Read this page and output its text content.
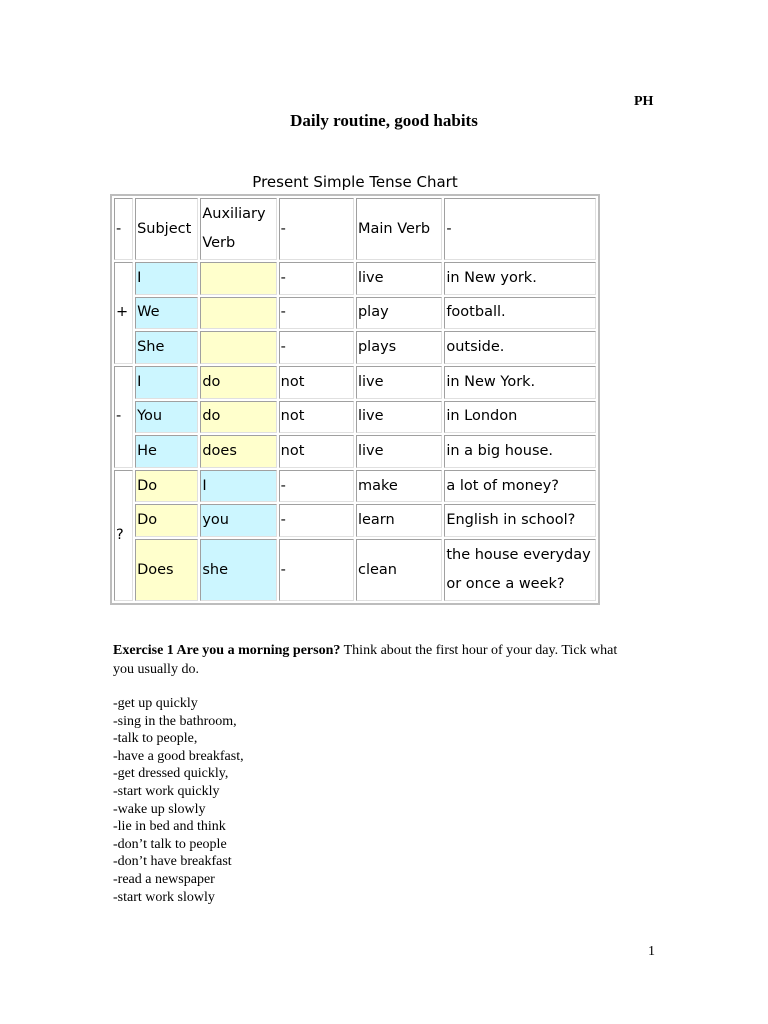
PH
Daily routine, good habits
Present Simple Tense Chart
-	Subject	Auxiliary Verb	-	Main Verb	-
+	I		-	live	in New york.
	We		-	play	football.
	She		-	plays	outside.
-	I	do	not	live	in New York.
	You	do	not	live	in London
	He	does	not	live	in a big house.
?	Do	I	-	make	a lot of money?
	Do	you	-	learn	English in school?
	Does	she	-	clean	the house everyday or once a week?
Exercise 1 Are you a morning person? Think about the first hour of your day. Tick what you usually do.
-get up quickly
-sing in the bathroom,
-talk to people,
-have a good breakfast,
-get dressed quickly,
-start work quickly
-wake up slowly
-lie in bed and think
-don’t talk to people
-don’t have breakfast
-read a newspaper
-start work slowly
1
